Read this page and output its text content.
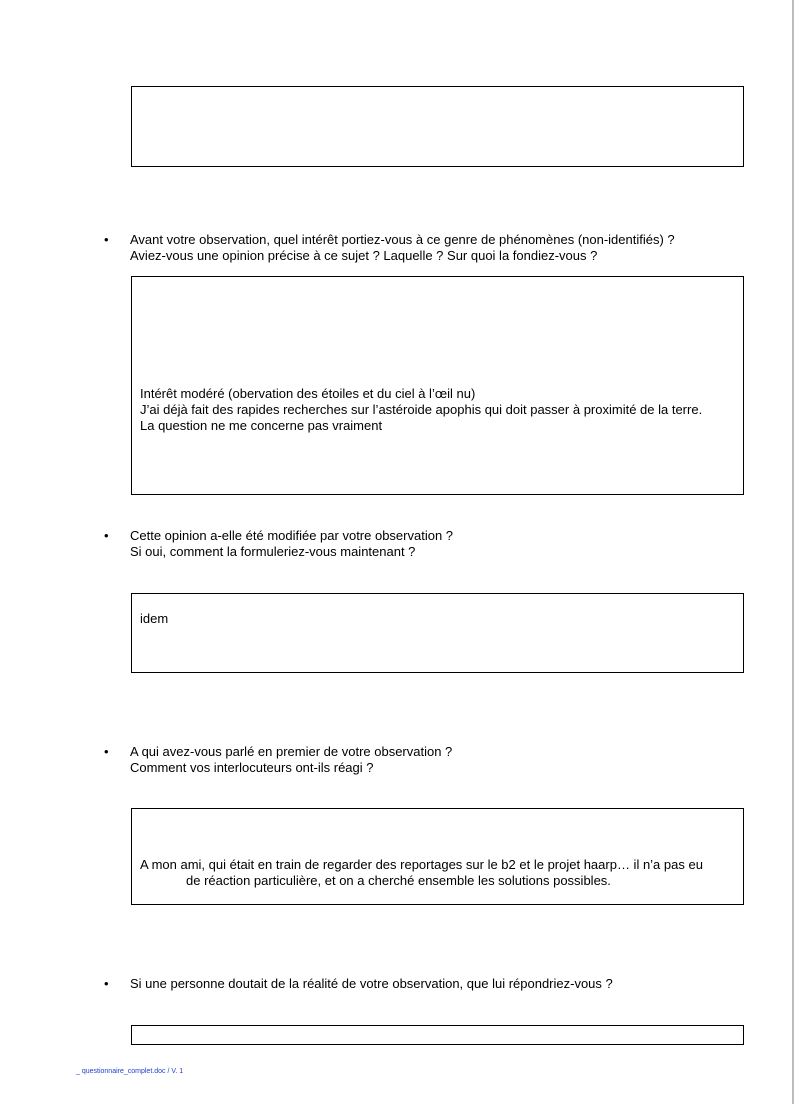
• Avant votre observation, quel intérêt portiez-vous à ce genre de phénomènes (non-identifiés) ?
Aviez-vous une opinion précise à ce sujet ? Laquelle ? Sur quoi la fondiez-vous ?
Intérêt modéré (obervation des étoiles et du ciel à l’œil nu)
J’ai déjà fait des rapides recherches sur l’astéroide apophis qui doit passer à proximité de la terre.
La question ne me concerne pas vraiment
• Cette opinion a-elle été modifiée par votre observation ?
Si oui, comment la formuleriez-vous maintenant ?
idem
• A qui avez-vous parlé en premier de votre observation ?
Comment vos interlocuteurs ont-ils réagi ?
A mon ami, qui était en train de regarder des reportages sur le b2 et le projet haarp… il n’a pas eu
de réaction particulière, et on a cherché ensemble les solutions possibles.
• Si une personne doutait de la réalité de votre observation, que lui répondriez-vous ?
_ questionnaire_complet.doc / V. 1
